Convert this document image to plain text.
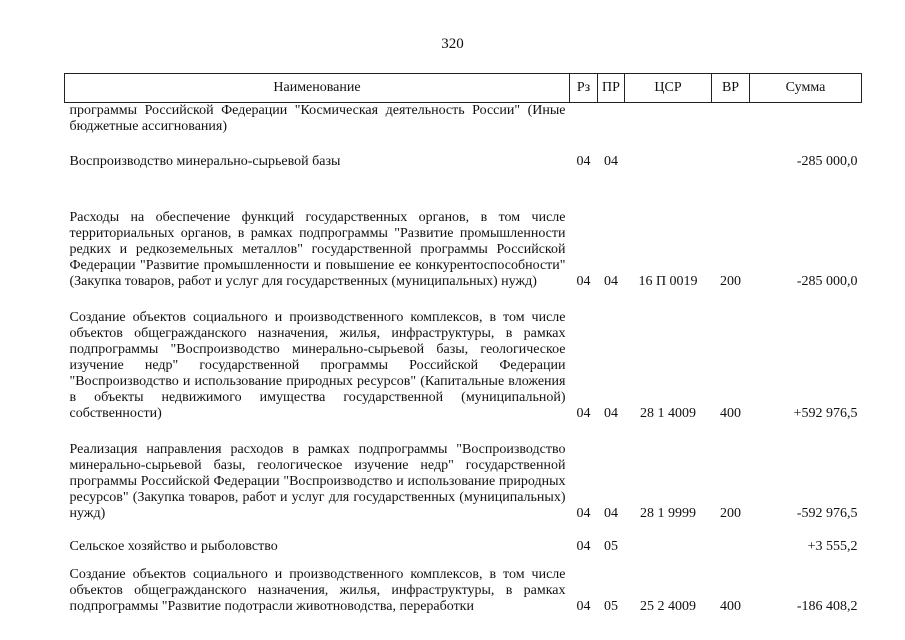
320
Наименование	Рз	ПР	ЦСР	ВР	Сумма
программы Российской Федерации "Космическая деятельность России" (Иные бюджетные ассигнования)					
Воспроизводство минерально-сырьевой базы	04	04			-285 000,0
Расходы на обеспечение функций государственных органов, в том числе территориальных органов, в рамках подпрограммы "Развитие промышленности редких и редкоземельных металлов" государственной программы Российской Федерации "Развитие промышленности и повышение ее конкурентоспособности" (Закупка товаров, работ и услуг для государственных (муниципальных) нужд)	04	04	16 П 0019	200	-285 000,0
Создание объектов социального и производственного комплексов, в том числе объектов общегражданского назначения, жилья, инфраструктуры, в рамках подпрограммы "Воспроизводство минерально-сырьевой базы, геологическое изучение недр" государственной программы Российской Федерации "Воспроизводство и использование природных ресурсов" (Капитальные вложения в объекты недвижимого имущества государственной (муниципальной) собственности)	04	04	28 1 4009	400	+592 976,5
Реализация направления расходов в рамках подпрограммы "Воспроизводство минерально-сырьевой базы, геологическое изучение недр" государственной программы Российской Федерации "Воспроизводство и использование природных ресурсов" (Закупка товаров, работ и услуг для государственных (муниципальных) нужд)	04	04	28 1 9999	200	-592 976,5
Сельское хозяйство и рыболовство	04	05			+3 555,2
Создание объектов социального и производственного комплексов, в том числе объектов общегражданского назначения, жилья, инфраструктуры, в рамках подпрограммы "Развитие подотрасли животноводства, переработки	04	05	25 2 4009	400	-186 408,2
